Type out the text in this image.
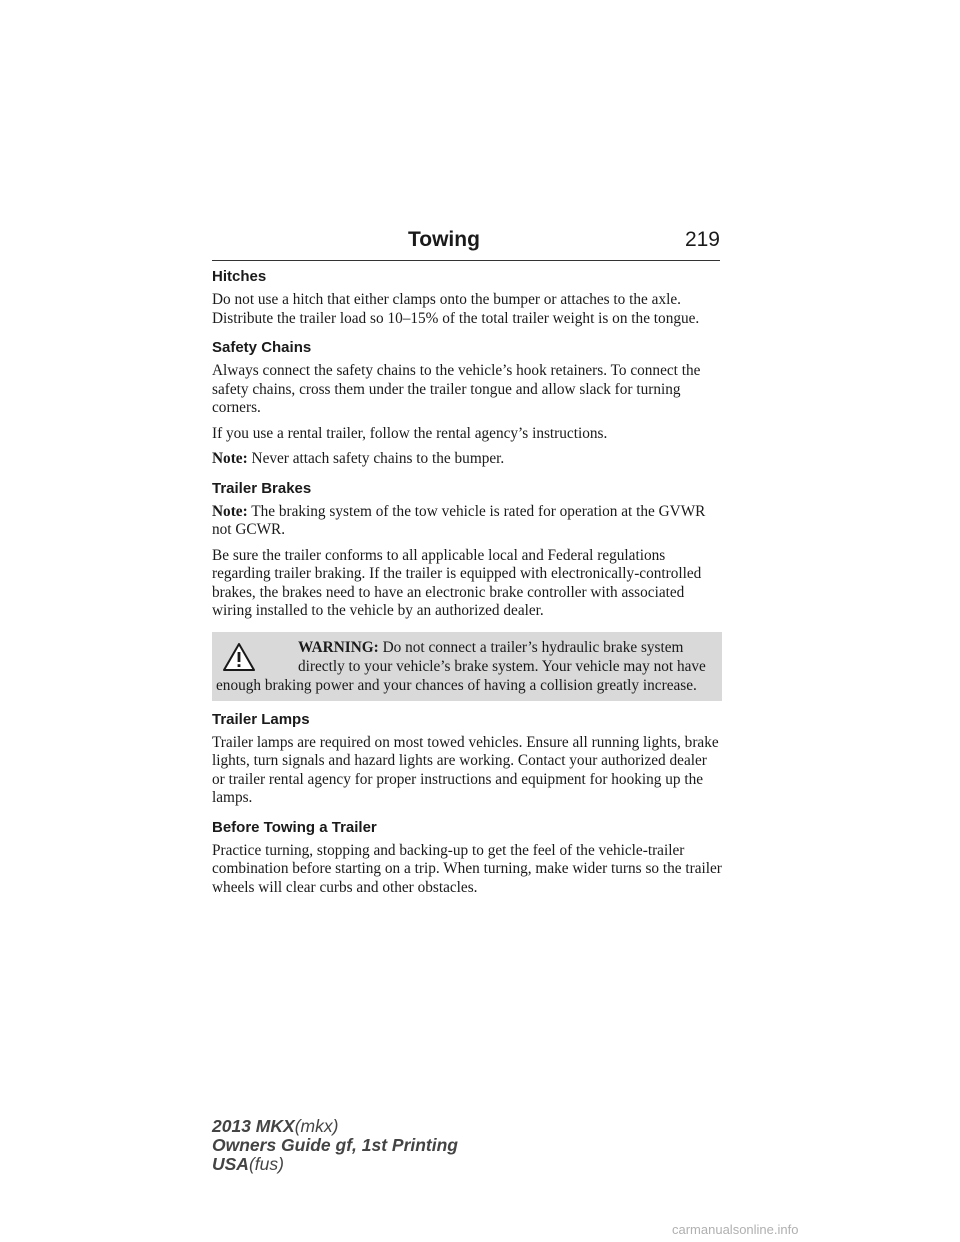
Towing	219
Hitches

Do not use a hitch that either clamps onto the bumper or attaches to the axle. Distribute the trailer load so 10–15% of the total trailer weight is on the tongue.

Safety Chains

Always connect the safety chains to the vehicle’s hook retainers. To connect the safety chains, cross them under the trailer tongue and allow slack for turning corners.

If you use a rental trailer, follow the rental agency’s instructions.

Note: Never attach safety chains to the bumper.

Trailer Brakes

Note: The braking system of the tow vehicle is rated for operation at the GVWR not GCWR.

Be sure the trailer conforms to all applicable local and Federal regulations regarding trailer braking. If the trailer is equipped with electronically-controlled brakes, the brakes need to have an electronic brake controller with associated wiring installed to the vehicle by an authorized dealer.

WARNING: Do not connect a trailer’s hydraulic brake system directly to your vehicle’s brake system. Your vehicle may not have enough braking power and your chances of having a collision greatly increase.
Trailer Lamps

Trailer lamps are required on most towed vehicles. Ensure all running lights, brake lights, turn signals and hazard lights are working. Contact your authorized dealer or trailer rental agency for proper instructions and equipment for hooking up the lamps.

Before Towing a Trailer

Practice turning, stopping and backing-up to get the feel of the vehicle-trailer combination before starting on a trip. When turning, make wider turns so the trailer wheels will clear curbs and other obstacles.

2013 MKX(mkx)
Owners Guide gf, 1st Printing
USA(fus)
carmanualsonline.info
